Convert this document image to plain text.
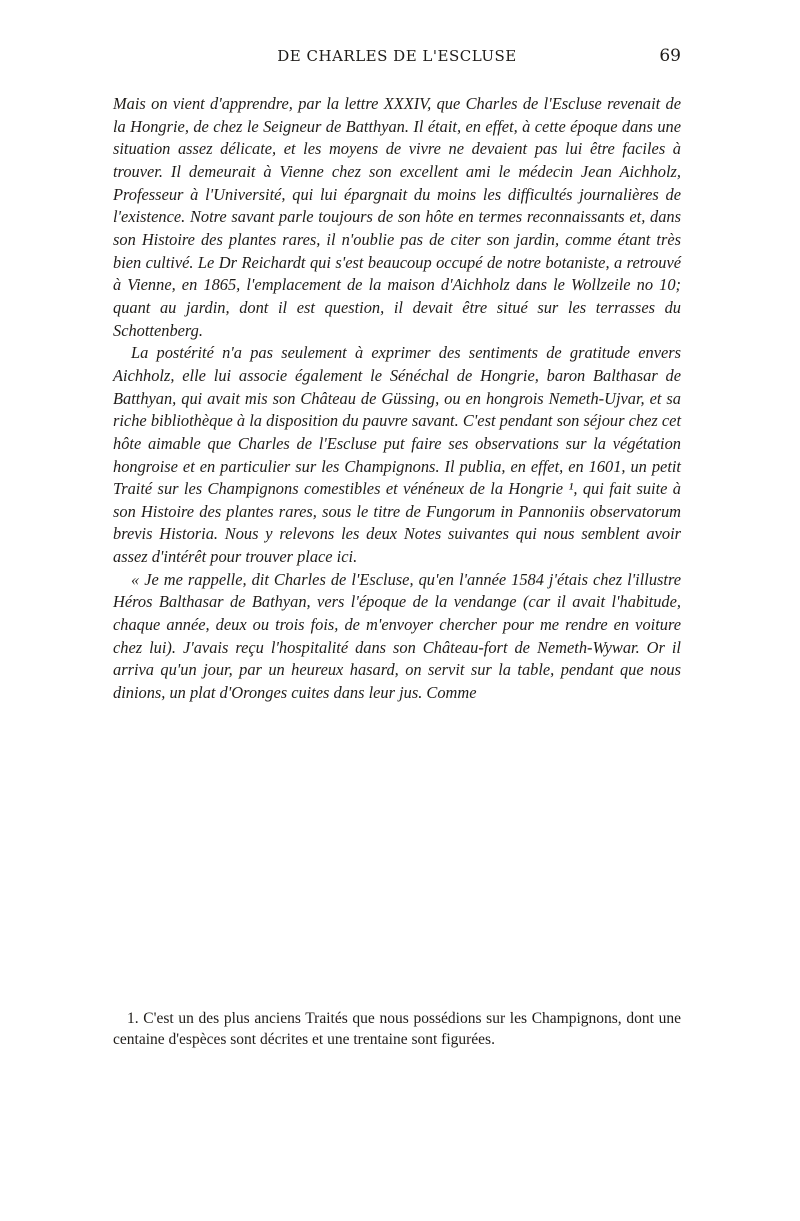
DE CHARLES DE L'ESCLUSE	69

Mais on vient d'apprendre, par la lettre XXXIV, que Charles de l'Escluse revenait de la Hongrie, de chez le Seigneur de Batthyan. Il était, en effet, à cette époque dans une situation assez délicate, et les moyens de vivre ne devaient pas lui être faciles à trouver. Il demeurait à Vienne chez son excellent ami le médecin Jean Aichholz, Professeur à l'Université, qui lui épargnait du moins les difficultés journalières de l'existence. Notre savant parle toujours de son hôte en termes reconnaissants et, dans son Histoire des plantes rares, il n'oublie pas de citer son jardin, comme étant très bien cultivé. Le Dr Reichardt qui s'est beaucoup occupé de notre botaniste, a retrouvé à Vienne, en 1865, l'emplacement de la maison d'Aichholz dans le Wollzeile no 10; quant au jardin, dont il est question, il devait être situé sur les terrasses du Schottenberg.

La postérité n'a pas seulement à exprimer des sentiments de gratitude envers Aichholz, elle lui associe également le Sénéchal de Hongrie, baron Balthasar de Batthyan, qui avait mis son Château de Güssing, ou en hongrois Nemeth-Ujvar, et sa riche bibliothèque à la disposition du pauvre savant. C'est pendant son séjour chez cet hôte aimable que Charles de l'Escluse put faire ses observations sur la végétation hongroise et en particulier sur les Champignons. Il publia, en effet, en 1601, un petit Traité sur les Champignons comestibles et vénéneux de la Hongrie ¹, qui fait suite à son Histoire des plantes rares, sous le titre de Fungorum in Pannoniis observatorum brevis Historia. Nous y relevons les deux Notes suivantes qui nous semblent avoir assez d'intérêt pour trouver place ici.

« Je me rappelle, dit Charles de l'Escluse, qu'en l'année 1584 j'étais chez l'illustre Héros Balthasar de Bathyan, vers l'époque de la vendange (car il avait l'habitude, chaque année, deux ou trois fois, de m'envoyer chercher pour me rendre en voiture chez lui). J'avais reçu l'hospitalité dans son Château-fort de Nemeth-Wywar. Or il arriva qu'un jour, par un heureux hasard, on servit sur la table, pendant que nous dinions, un plat d'Oronges cuites dans leur jus. Comme

1. C'est un des plus anciens Traités que nous possédions sur les Champignons, dont une centaine d'espèces sont décrites et une trentaine sont figurées.
